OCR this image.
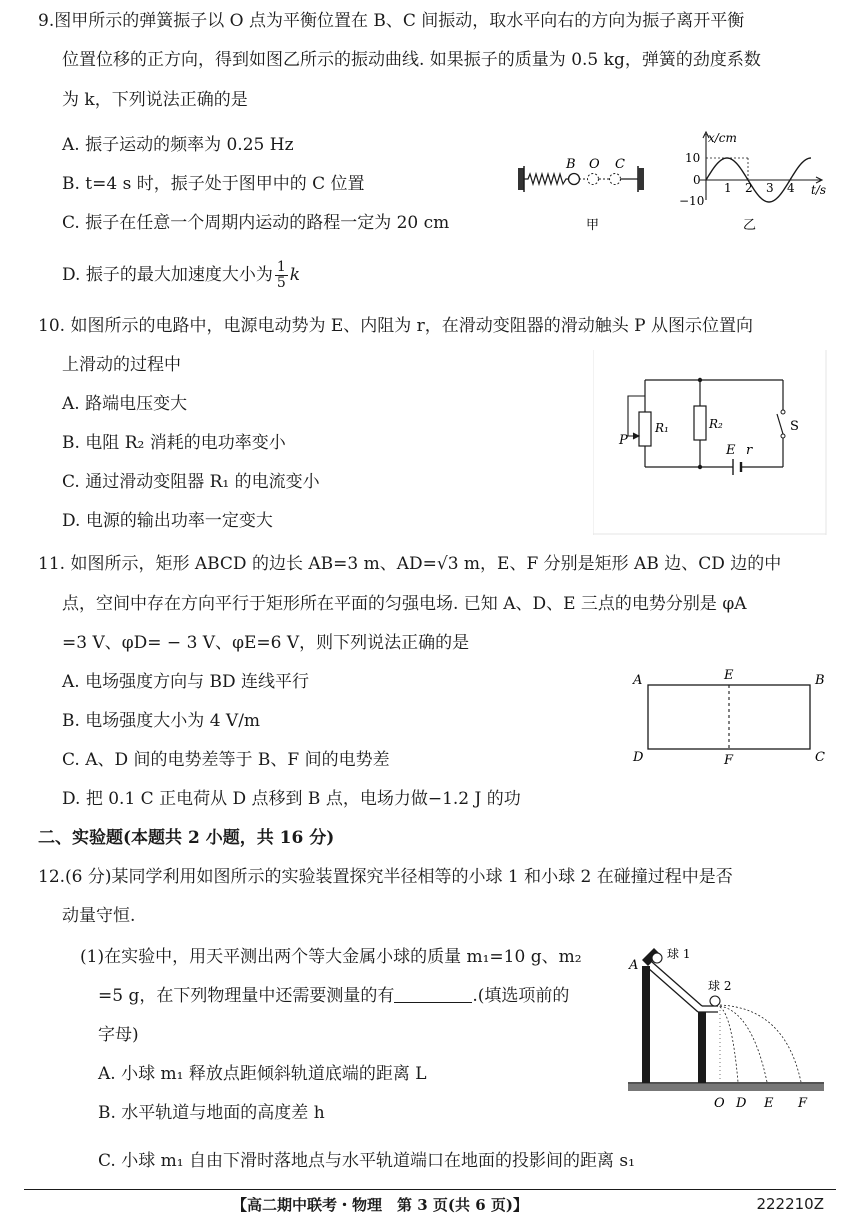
9.图甲所示的弹簧振子以 O 点为平衡位置在 B、C 间振动，取水平向右的方向为振子离开平衡
位置位移的正方向，得到如图乙所示的振动曲线. 如果振子的质量为 0.5 kg，弹簧的劲度系数
为 k，下列说法正确的是
A. 振子运动的频率为 0.25 Hz
B. t=4 s 时，振子处于图甲中的 C 位置
C. 振子在任意一个周期内运动的路程一定为 20 cm
D. 振子的最大加速度大小为 $\frac{1}{5}$ k
B O C
甲
x/cm
t/s
10
0
−10
1 2 3 4
乙
10. 如图所示的电路中，电源电动势为 E、内阻为 r，在滑动变阻器的滑动触头 P 从图示位置向
上滑动的过程中
A. 路端电压变大
B. 电阻 R₂ 消耗的电功率变小
C. 通过滑动变阻器 R₁ 的电流变小
D. 电源的输出功率一定变大
P
R₁	R₂	S
E r
11. 如图所示，矩形 ABCD 的边长 AB=3 m、AD=√3 m，E、F 分别是矩形 AB 边、CD 边的中
点，空间中存在方向平行于矩形所在平面的匀强电场. 已知 A、D、E 三点的电势分别是 φA
=3 V、φD= − 3 V、φE=6 V，则下列说法正确的是
A. 电场强度方向与 BD 连线平行
B. 电场强度大小为 4 V/m
C. A、D 间的电势差等于 B、F 间的电势差
D. 把 0.1 C 正电荷从 D 点移到 B 点，电场力做−1.2 J 的功
A	E	B
D	F	C
二、实验题(本题共 2 小题，共 16 分)
12.(6 分)某同学利用如图所示的实验装置探究半径相等的小球 1 和小球 2 在碰撞过程中是否
动量守恒.
(1)在实验中，用天平测出两个等大金属小球的质量 m₁=10 g、m₂
=5 g，在下列物理量中还需要测量的有	.(填选项前的
字母)
A. 小球 m₁ 释放点距倾斜轨道底端的距离 L
B. 水平轨道与地面的高度差 h
C. 小球 m₁ 自由下滑时落地点与水平轨道端口在地面的投影间的距离 s₁
A
球 1
球 2
O D E F
【高二期中联考・物理　第 3 页(共 6 页)】	222210Z
